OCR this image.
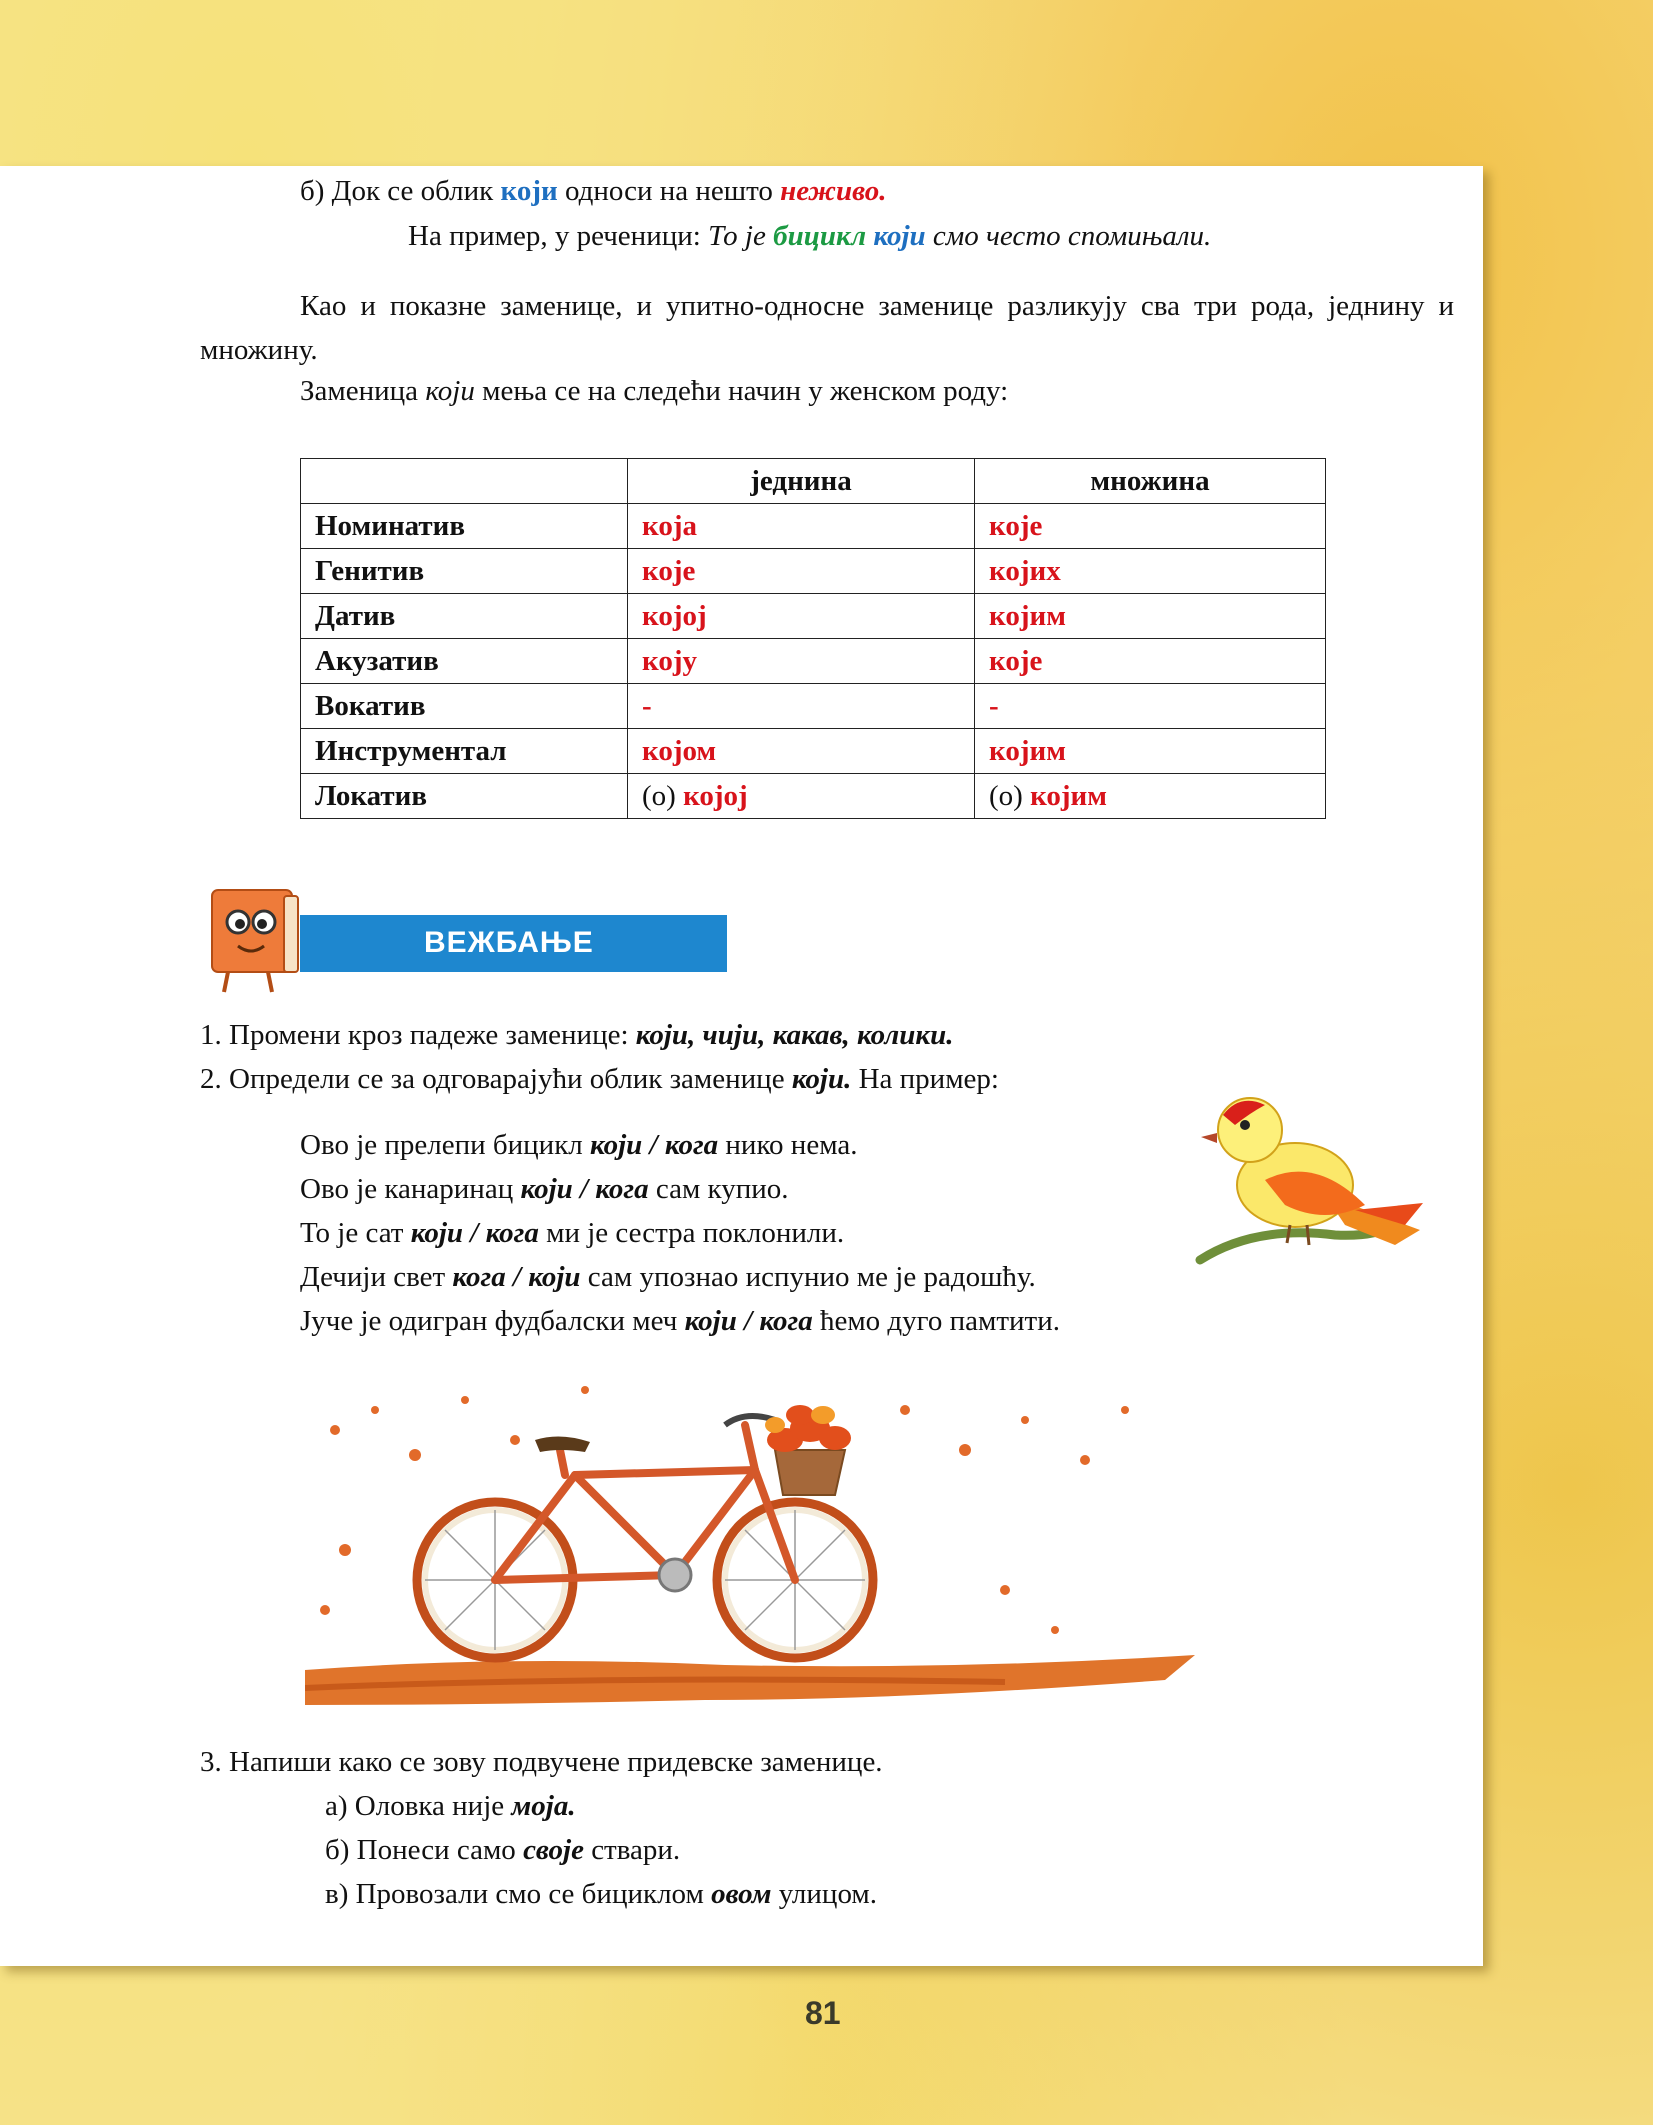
б) Док се облик који односи на нешто неживо.
На пример, у реченици: То је бицикл који смо често спомињали.
Као и показне заменице, и упитно-односне заменице разликују сва три рода, једнину и множину.
Заменица који мења се на следећи начин у женском роду:
	једнина	множина
Номинатив	која	које
Генитив	које	којих
Датив	којој	којим
Акузатив	коју	које
Вокатив	-	-
Инструментал	којом	којим
Локатив	(о) којој	(о) којим
ВЕЖБАЊЕ
1. Промени кроз падеже заменице: који, чији, какав, колики.
2. Определи се за одговарајући облик заменице који. На пример:
Ово је прелепи бицикл који / кога нико нема.
Ово је канаринац који / кога сам купио.
То је сат који / кога ми је сестра поклонили.
Дечији свет кога / који сам упознао испунио ме је радошћу.
Јуче је одигран фудбалски меч који / кога ћемо дуго памтити.
3. Напиши како се зову подвучене придевске заменице.
а) Оловка није моја.
б) Понеси само своје ствари.
в) Провозали смо се бициклом овом улицом.
81
